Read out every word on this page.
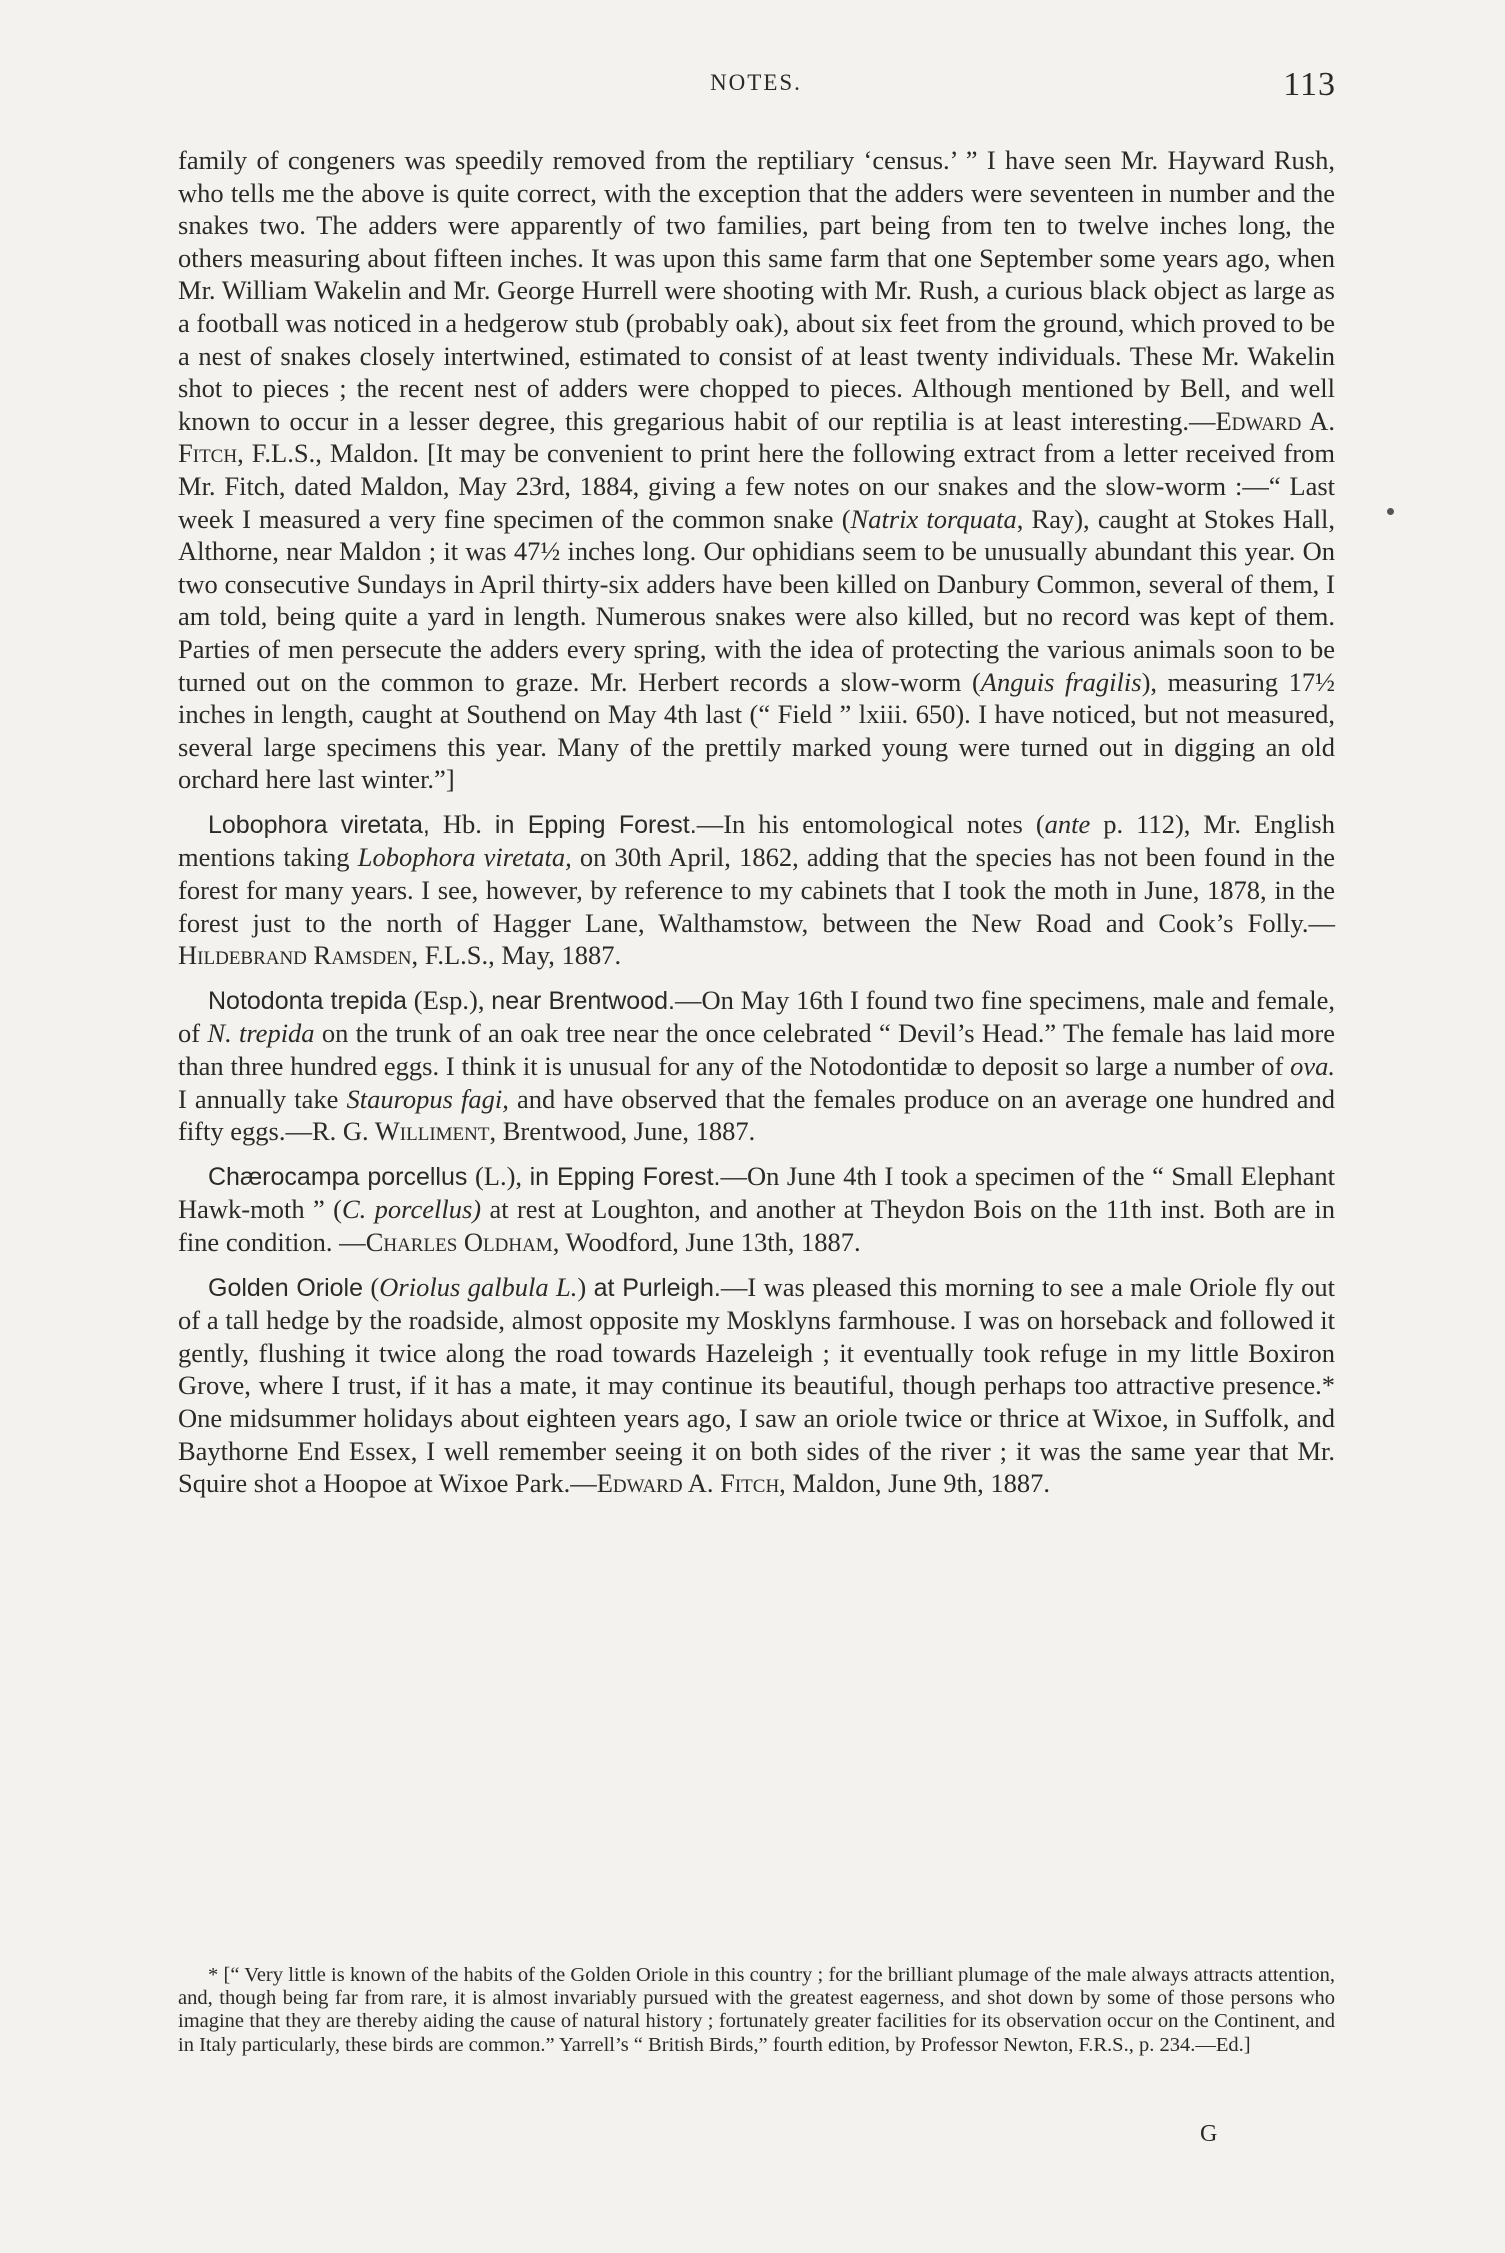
NOTES.	113

family of congeners was speedily removed from the reptiliary ‘census.’ ” I have seen Mr. Hayward Rush, who tells me the above is quite correct, with the exception that the adders were seventeen in number and the snakes two. The adders were apparently of two families, part being from ten to twelve inches long, the others measuring about fifteen inches. It was upon this same farm that one September some years ago, when Mr. William Wakelin and Mr. George Hurrell were shooting with Mr. Rush, a curious black object as large as a football was noticed in a hedgerow stub (probably oak), about six feet from the ground, which proved to be a nest of snakes closely intertwined, estimated to consist of at least twenty individuals. These Mr. Wakelin shot to pieces ; the recent nest of adders were chopped to pieces. Although mentioned by Bell, and well known to occur in a lesser degree, this gregarious habit of our reptilia is at least interesting.—Edward A. Fitch, F.L.S., Maldon. [It may be convenient to print here the following extract from a letter received from Mr. Fitch, dated Maldon, May 23rd, 1884, giving a few notes on our snakes and the slow-worm :—“ Last week I measured a very fine specimen of the common snake (Natrix torquata, Ray), caught at Stokes Hall, Althorne, near Maldon ; it was 47½ inches long. Our ophidians seem to be unusually abundant this year. On two consecutive Sundays in April thirty-six adders have been killed on Danbury Common, several of them, I am told, being quite a yard in length. Numerous snakes were also killed, but no record was kept of them. Parties of men persecute the adders every spring, with the idea of protecting the various animals soon to be turned out on the common to graze. Mr. Herbert records a slow-worm (Anguis fragilis), measuring 17½ inches in length, caught at Southend on May 4th last (“ Field ” lxiii. 650). I have noticed, but not measured, several large specimens this year. Many of the prettily marked young were turned out in digging an old orchard here last winter.”]

Lobophora viretata, Hb. in Epping Forest.—In his entomological notes (ante p. 112), Mr. English mentions taking Lobophora viretata, on 30th April, 1862, adding that the species has not been found in the forest for many years. I see, however, by reference to my cabinets that I took the moth in June, 1878, in the forest just to the north of Hagger Lane, Walthamstow, between the New Road and Cook’s Folly.—Hildebrand Ramsden, F.L.S., May, 1887.

Notodonta trepida (Esp.), near Brentwood.—On May 16th I found two fine specimens, male and female, of N. trepida on the trunk of an oak tree near the once celebrated “ Devil’s Head.” The female has laid more than three hundred eggs. I think it is unusual for any of the Notodontidæ to deposit so large a number of ova. I annually take Stauropus fagi, and have observed that the females produce on an average one hundred and fifty eggs.—R. G. Williment, Brentwood, June, 1887.

Chærocampa porcellus (L.), in Epping Forest.—On June 4th I took a specimen of the “ Small Elephant Hawk-moth ” (C. porcellus) at rest at Loughton, and another at Theydon Bois on the 11th inst. Both are in fine condition. —Charles Oldham, Woodford, June 13th, 1887.

Golden Oriole (Oriolus galbula L.) at Purleigh.—I was pleased this morning to see a male Oriole fly out of a tall hedge by the roadside, almost opposite my Mosklyns farmhouse. I was on horseback and followed it gently, flushing it twice along the road towards Hazeleigh ; it eventually took refuge in my little Boxiron Grove, where I trust, if it has a mate, it may continue its beautiful, though perhaps too attractive presence.* One midsummer holidays about eighteen years ago, I saw an oriole twice or thrice at Wixoe, in Suffolk, and Baythorne End Essex, I well remember seeing it on both sides of the river ; it was the same year that Mr. Squire shot a Hoopoe at Wixoe Park.—Edward A. Fitch, Maldon, June 9th, 1887.

* [“ Very little is known of the habits of the Golden Oriole in this country ; for the brilliant plumage of the male always attracts attention, and, though being far from rare, it is almost invariably pursued with the greatest eagerness, and shot down by some of those persons who imagine that they are thereby aiding the cause of natural history ; fortunately greater facilities for its observation occur on the Continent, and in Italy particularly, these birds are common.” Yarrell’s “ British Birds,” fourth edition, by Professor Newton, F.R.S., p. 234.—Ed.]

G
